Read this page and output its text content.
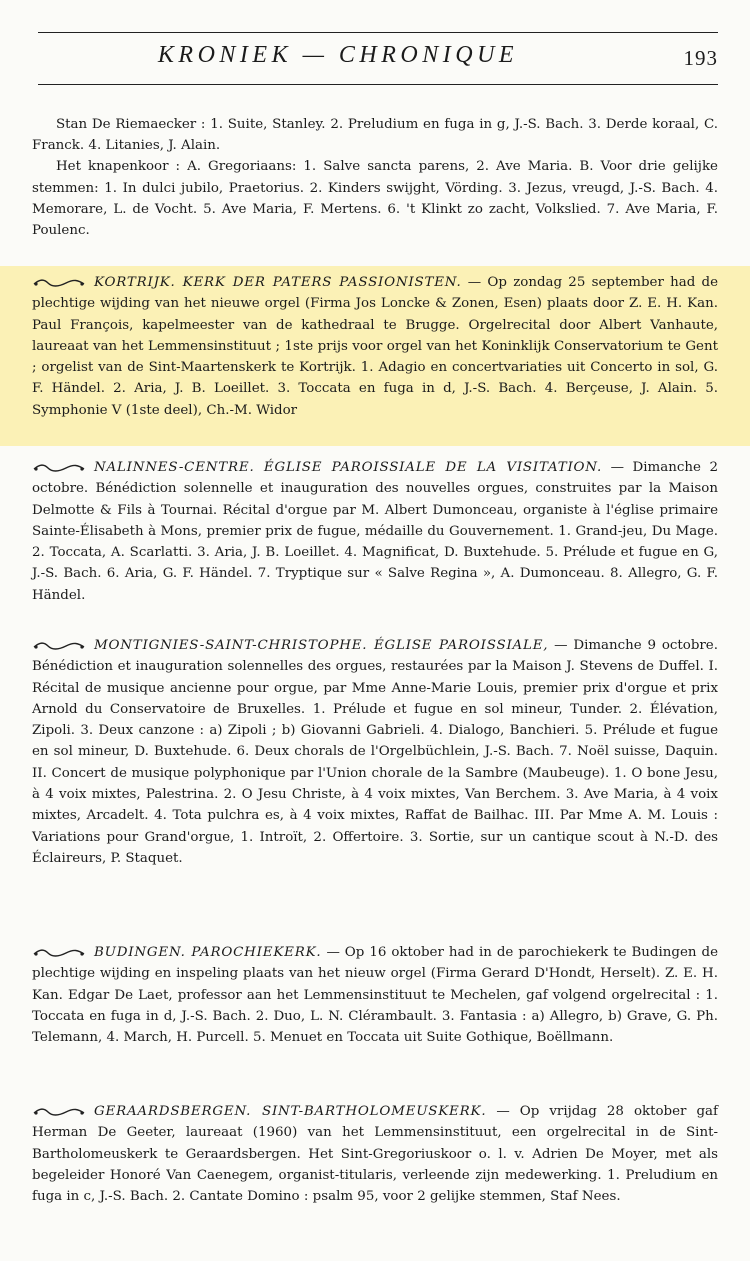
KRONIEK — CHRONIQUE	193

Stan De Riemaecker : 1. Suite, Stanley. 2. Preludium en fuga in g, J.-S. Bach. 3. Derde koraal, C. Franck. 4. Litanies, J. Alain.

Het knapenkoor : A. Gregoriaans: 1. Salve sancta parens, 2. Ave Maria. B. Voor drie gelijke stemmen: 1. In dulci jubilo, Praetorius. 2. Kinders swijght, Vörding. 3. Jezus, vreugd, J.-S. Bach. 4. Memorare, L. de Vocht. 5. Ave Maria, F. Mertens. 6. 't Klinkt zo zacht, Volkslied. 7. Ave Maria, F. Poulenc.

KORTRIJK. KERK DER PATERS PASSIONISTEN. — Op zondag 25 september had de plechtige wijding van het nieuwe orgel (Firma Jos Loncke & Zonen, Esen) plaats door Z. E. H. Kan. Paul François, kapelmeester van de kathedraal te Brugge. Orgelrecital door Albert Vanhaute, laureaat van het Lemmensinstituut ; 1ste prijs voor orgel van het Koninklijk Conservatorium te Gent ; orgelist van de Sint-Maartenskerk te Kortrijk. 1. Adagio en concertvariaties uit Concerto in sol, G. F. Händel. 2. Aria, J. B. Loeillet. 3. Toccata en fuga in d, J.-S. Bach. 4. Berçeuse, J. Alain. 5. Symphonie V (1ste deel), Ch.-M. Widor
NALINNES-CENTRE. ÉGLISE PAROISSIALE DE LA VISITATION. — Dimanche 2 octobre. Bénédiction solennelle et inauguration des nouvelles orgues, construites par la Maison Delmotte & Fils à Tournai. Récital d'orgue par M. Albert Dumonceau, organiste à l'église primaire Sainte-Élisabeth à Mons, premier prix de fugue, médaille du Gouvernement. 1. Grand-jeu, Du Mage. 2. Toccata, A. Scarlatti. 3. Aria, J. B. Loeillet. 4. Magnificat, D. Buxtehude. 5. Prélude et fugue en G, J.-S. Bach. 6. Aria, G. F. Händel. 7. Tryptique sur « Salve Regina », A. Dumonceau. 8. Allegro, G. F. Händel.
MONTIGNIES-SAINT-CHRISTOPHE. ÉGLISE PAROISSIALE, — Dimanche 9 octobre. Bénédiction et inauguration solennelles des orgues, restaurées par la Maison J. Stevens de Duffel. I. Récital de musique ancienne pour orgue, par Mme Anne-Marie Louis, premier prix d'orgue et prix Arnold du Conservatoire de Bruxelles. 1. Prélude et fugue en sol mineur, Tunder. 2. Élévation, Zipoli. 3. Deux canzone : a) Zipoli ; b) Giovanni Gabrieli. 4. Dialogo, Banchieri. 5. Prélude et fugue en sol mineur, D. Buxtehude. 6. Deux chorals de l'Orgelbüchlein, J.-S. Bach. 7. Noël suisse, Daquin. II. Concert de musique polyphonique par l'Union chorale de la Sambre (Maubeuge). 1. O bone Jesu, à 4 voix mixtes, Palestrina. 2. O Jesu Christe, à 4 voix mixtes, Van Berchem. 3. Ave Maria, à 4 voix mixtes, Arcadelt. 4. Tota pulchra es, à 4 voix mixtes, Raffat de Bailhac. III. Par Mme A. M. Louis : Variations pour Grand'orgue, 1. Introït, 2. Offertoire. 3. Sortie, sur un cantique scout à N.-D. des Éclaireurs, P. Staquet.
BUDINGEN. PAROCHIEKERK. — Op 16 oktober had in de parochiekerk te Budingen de plechtige wijding en inspeling plaats van het nieuw orgel (Firma Gerard D'Hondt, Herselt). Z. E. H. Kan. Edgar De Laet, professor aan het Lemmensinstituut te Mechelen, gaf volgend orgelrecital : 1. Toccata en fuga in d, J.-S. Bach. 2. Duo, L. N. Clérambault. 3. Fantasia : a) Allegro, b) Grave, G. Ph. Telemann, 4. March, H. Purcell. 5. Menuet en Toccata uit Suite Gothique, Boëllmann.
GERAARDSBERGEN. SINT-BARTHOLOMEUSKERK. — Op vrijdag 28 oktober gaf Herman De Geeter, laureaat (1960) van het Lemmensinstituut, een orgelrecital in de Sint-Bartholomeuskerk te Geraardsbergen. Het Sint-Gregoriuskoor o. l. v. Adrien De Moyer, met als begeleider Honoré Van Caenegem, organist-titularis, verleende zijn medewerking. 1. Preludium en fuga in c, J.-S. Bach. 2. Cantate Domino : psalm 95, voor 2 gelijke stemmen, Staf Nees.
